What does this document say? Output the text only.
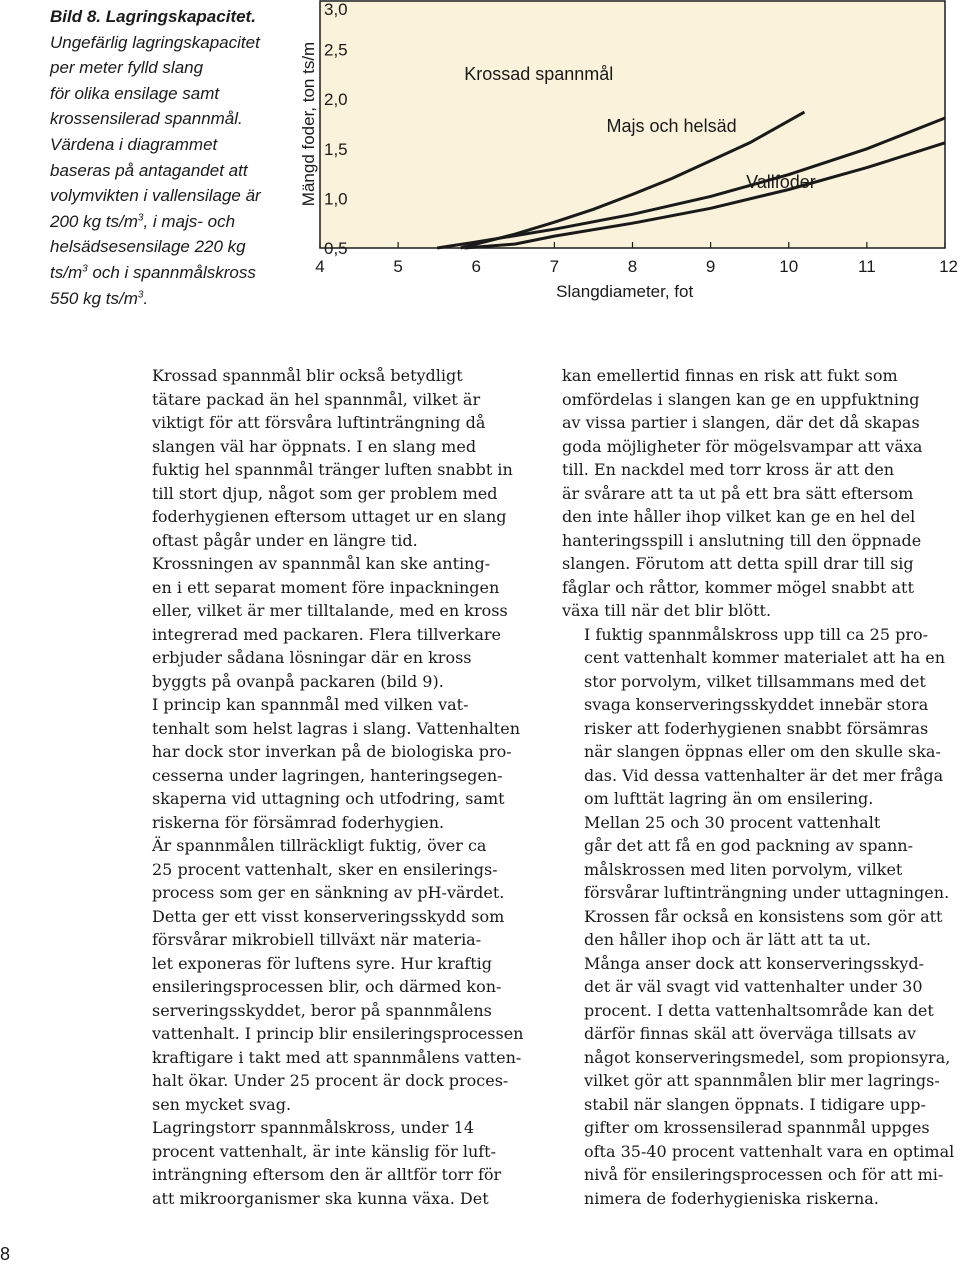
Bild 8. Lagringskapacitet.
Ungefärlig lagringskapacitet
per meter fylld slang
för olika ensilage samt
krossensilerad spannmål.
Värdena i diagrammet
baseras på antagandet att
volymvikten i vallensilage är
200 kg $ts/m^3$, i majs- och
helsädsesensilage 220 kg
$ts/m^3$ och i spannmålskross
550 kg $ts/m^3$.
Mängd foder, ton ts/m
3,0
2,5
2,0
1,5
1,0
0,5
4	5	6	7	8	9	10	11	12
Slangdiameter, fot
Krossad spannmål
Majs och helsäd
Vallfoder

Krossad spannmål blir också betydligt
tätare packad än hel spannmål, vilket är
viktigt för att försvåra luftinträngning då
slangen väl har öppnats. I en slang med
fuktig hel spannmål tränger luften snabbt in
till stort djup, något som ger problem med
foderhygienen eftersom uttaget ur en slang
oftast pågår under en längre tid.

Krossningen av spannmål kan ske anting-
en i ett separat moment före inpackningen
eller, vilket är mer tilltalande, med en kross
integrerad med packaren. Flera tillverkare
erbjuder sådana lösningar där en kross
byggts på ovanpå packaren (bild 9).

I princip kan spannmål med vilken vat-
tenhalt som helst lagras i slang. Vattenhalten
har dock stor inverkan på de biologiska pro-
cesserna under lagringen, hanteringsegen-
skaperna vid uttagning och utfodring, samt
riskerna för försämrad foderhygien.

Är spannmålen tillräckligt fuktig, över ca
25 procent vattenhalt, sker en ensilerings-
process som ger en sänkning av pH-värdet.
Detta ger ett visst konserveringsskydd som
försvårar mikrobiell tillväxt när materia-
let exponeras för luftens syre. Hur kraftig
ensileringsprocessen blir, och därmed kon-
serveringsskyddet, beror på spannmålens
vattenhalt. I princip blir ensileringsprocessen
kraftigare i takt med att spannmålens vatten-
halt ökar. Under 25 procent är dock proces-
sen mycket svag.

Lagringstorr spannmålskross, under 14
procent vattenhalt, är inte känslig för luft-
inträngning eftersom den är alltför torr för
att mikroorganismer ska kunna växa. Det

kan emellertid finnas en risk att fukt som
omfördelas i slangen kan ge en uppfuktning
av vissa partier i slangen, där det då skapas
goda möjligheter för mögelsvampar att växa
till. En nackdel med torr kross är att den
är svårare att ta ut på ett bra sätt eftersom
den inte håller ihop vilket kan ge en hel del
hanteringsspill i anslutning till den öppnade
slangen. Förutom att detta spill drar till sig
fåglar och råttor, kommer mögel snabbt att
växa till när det blir blött.

I fuktig spannmålskross upp till ca 25 pro-
cent vattenhalt kommer materialet att ha en
stor porvolym, vilket tillsammans med det
svaga konserveringsskyddet innebär stora
risker att foderhygienen snabbt försämras
när slangen öppnas eller om den skulle ska-
das. Vid dessa vattenhalter är det mer fråga
om lufttät lagring än om ensilering.

Mellan 25 och 30 procent vattenhalt
går det att få en god packning av spann-
målskrossen med liten porvolym, vilket
försvårar luftinträngning under uttagningen.
Krossen får också en konsistens som gör att
den håller ihop och är lätt att ta ut.

Många anser dock att konserveringsskyd-
det är väl svagt vid vattenhalter under 30
procent. I detta vattenhaltsområde kan det
därför finnas skäl att överväga tillsats av
något konserveringsmedel, som propionsyra,
vilket gör att spannmålen blir mer lagrings-
stabil när slangen öppnats. I tidigare upp-
gifter om krossensilerad spannmål uppges
ofta 35-40 procent vattenhalt vara en optimal
nivå för ensileringsprocessen och för att mi-
nimera de foderhygieniska riskerna.

8
